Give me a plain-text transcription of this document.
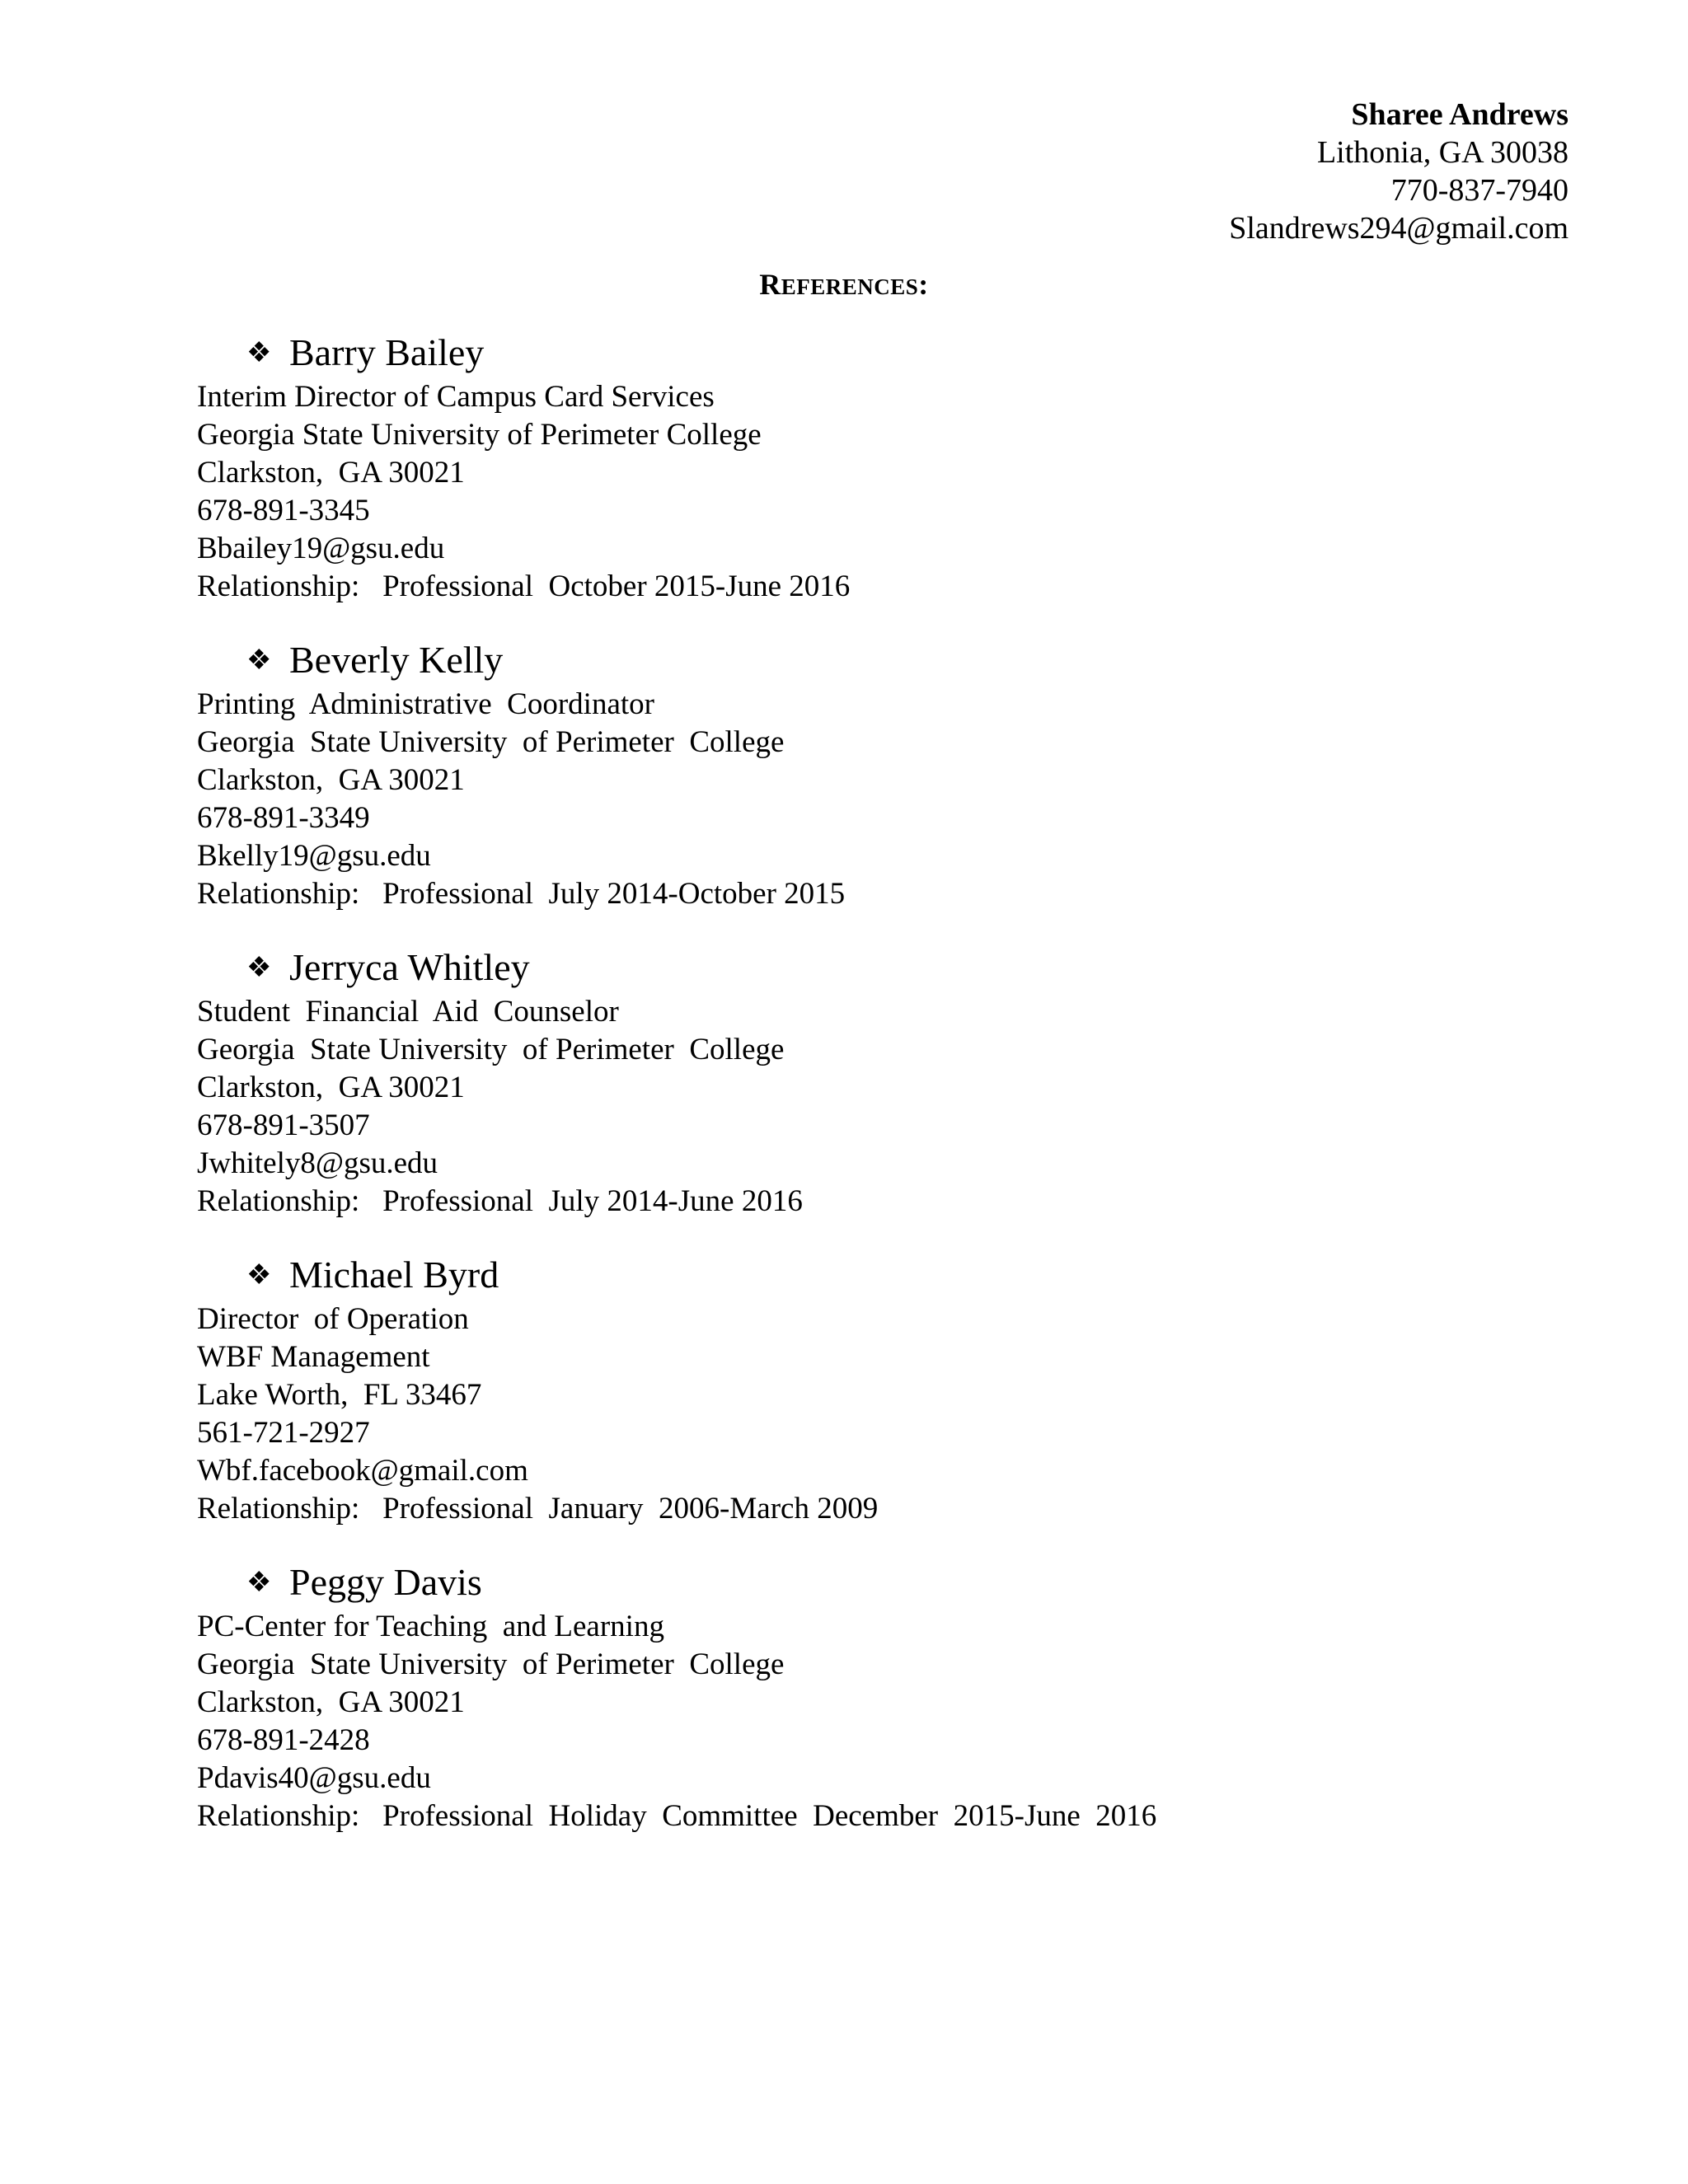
Sharee Andrews
Lithonia, GA 30038
770-837-7940
Slandrews294@gmail.com
REFERENCES:
❖ Barry Bailey
Interim Director of Campus Card Services
Georgia State University of Perimeter College
Clarkston,  GA 30021
678-891-3345
Bbailey19@gsu.edu
Relationship:   Professional  October 2015-June 2016
❖ Beverly Kelly
Printing  Administrative  Coordinator
Georgia  State University  of Perimeter  College
Clarkston,  GA 30021
678-891-3349
Bkelly19@gsu.edu
Relationship:   Professional  July 2014-October 2015
❖ Jerryca Whitley
Student  Financial  Aid  Counselor
Georgia  State University  of Perimeter  College
Clarkston,  GA 30021
678-891-3507
Jwhitely8@gsu.edu
Relationship:   Professional  July 2014-June 2016
❖ Michael Byrd
Director  of Operation
WBF Management
Lake Worth,  FL 33467
561-721-2927
Wbf.facebook@gmail.com
Relationship:   Professional  January  2006-March 2009
❖ Peggy Davis
PC-Center for Teaching  and Learning
Georgia  State University  of Perimeter  College
Clarkston,  GA 30021
678-891-2428
Pdavis40@gsu.edu
Relationship:   Professional  Holiday  Committee  December  2015-June  2016
